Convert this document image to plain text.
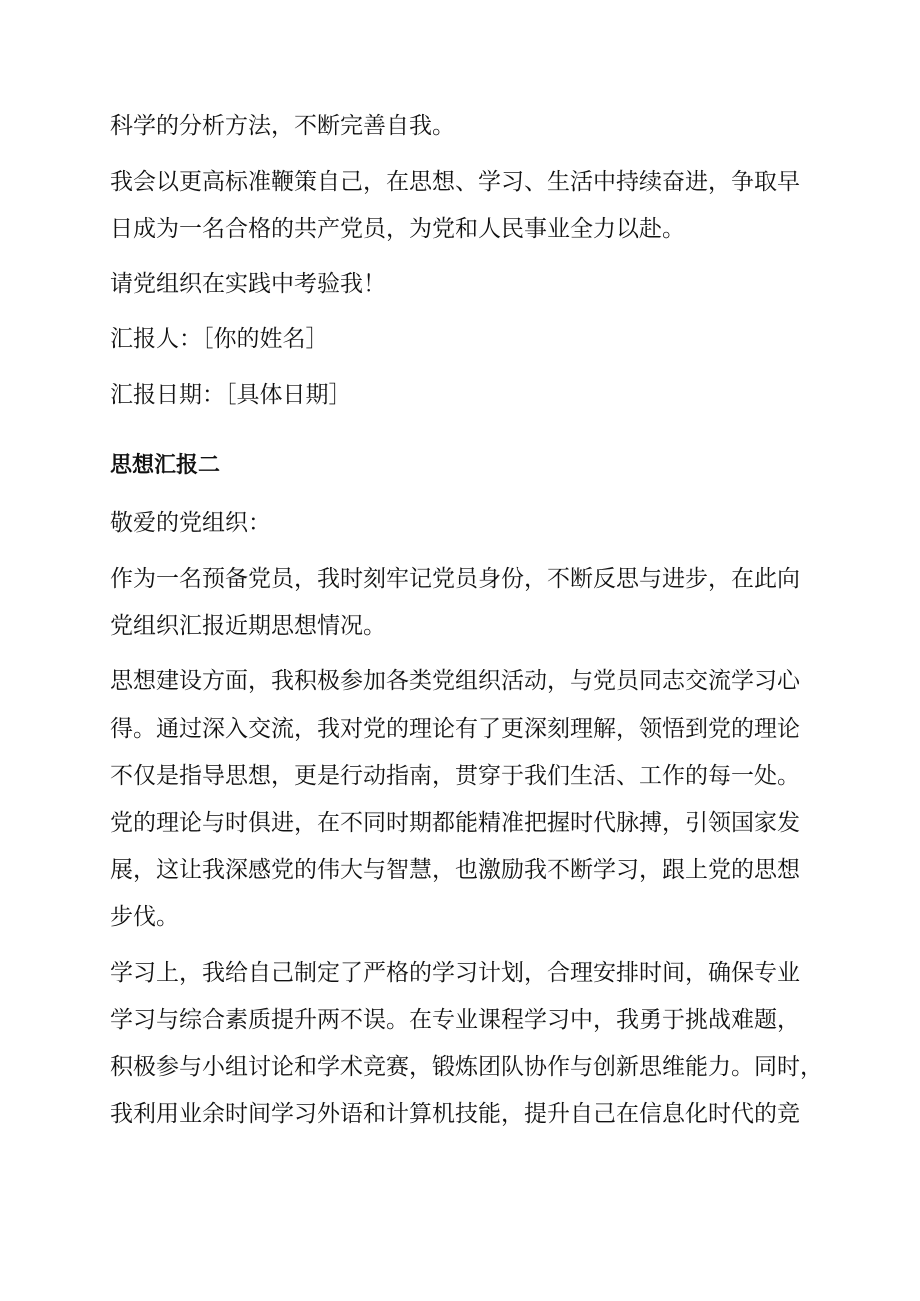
科学的分析方法，不断完善自我。

我会以更高标准鞭策自己，在思想、学习、生活中持续奋进，争取早

日成为一名合格的共产党员，为党和人民事业全力以赴。

请党组织在实践中考验我！

汇报人：［你的姓名］

汇报日期：［具体日期］

思想汇报二

敬爱的党组织：

作为一名预备党员，我时刻牢记党员身份，不断反思与进步，在此向

党组织汇报近期思想情况。

思想建设方面，我积极参加各类党组织活动，与党员同志交流学习心

得。通过深入交流，我对党的理论有了更深刻理解，领悟到党的理论

不仅是指导思想，更是行动指南，贯穿于我们生活、工作的每一处。

党的理论与时俱进，在不同时期都能精准把握时代脉搏，引领国家发

展，这让我深感党的伟大与智慧，也激励我不断学习，跟上党的思想

步伐。

学习上，我给自己制定了严格的学习计划，合理安排时间，确保专业

学习与综合素质提升两不误。在专业课程学习中，我勇于挑战难题，

积极参与小组讨论和学术竞赛，锻炼团队协作与创新思维能力。同时，

我利用业余时间学习外语和计算机技能，提升自己在信息化时代的竞
